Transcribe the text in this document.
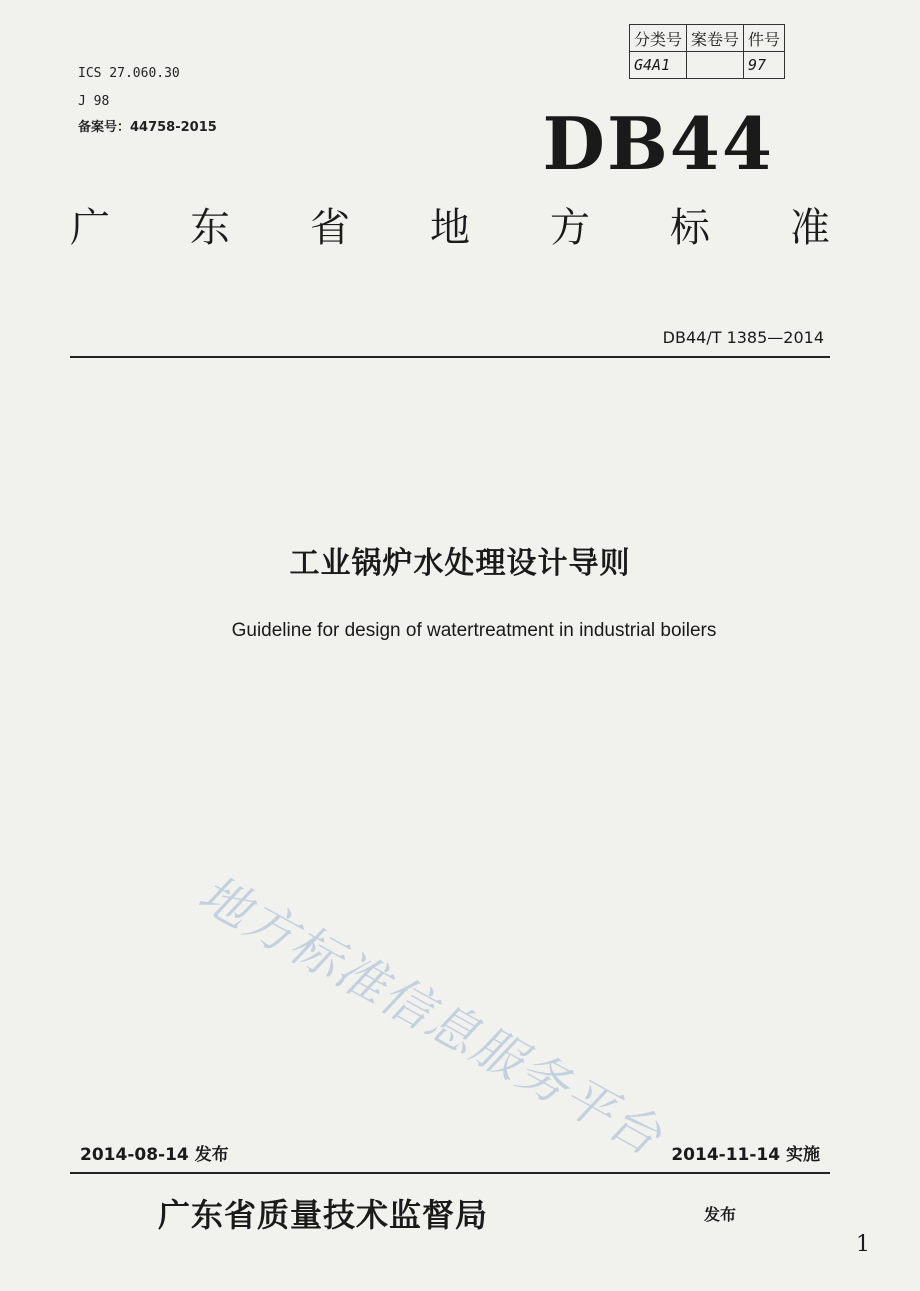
ICS 27.060.30
J 98
备案号：44758-2015
分类号	案卷号	件号
G4A1		97
DB44
广 东 省 地 方 标 准
DB44/T 1385—2014
工业锅炉水处理设计导则
Guideline for design of watertreatment in industrial boilers
地方标准信息服务平台
2014-08-14 发布	2014-11-14 实施
广东省质量技术监督局	发布
1
